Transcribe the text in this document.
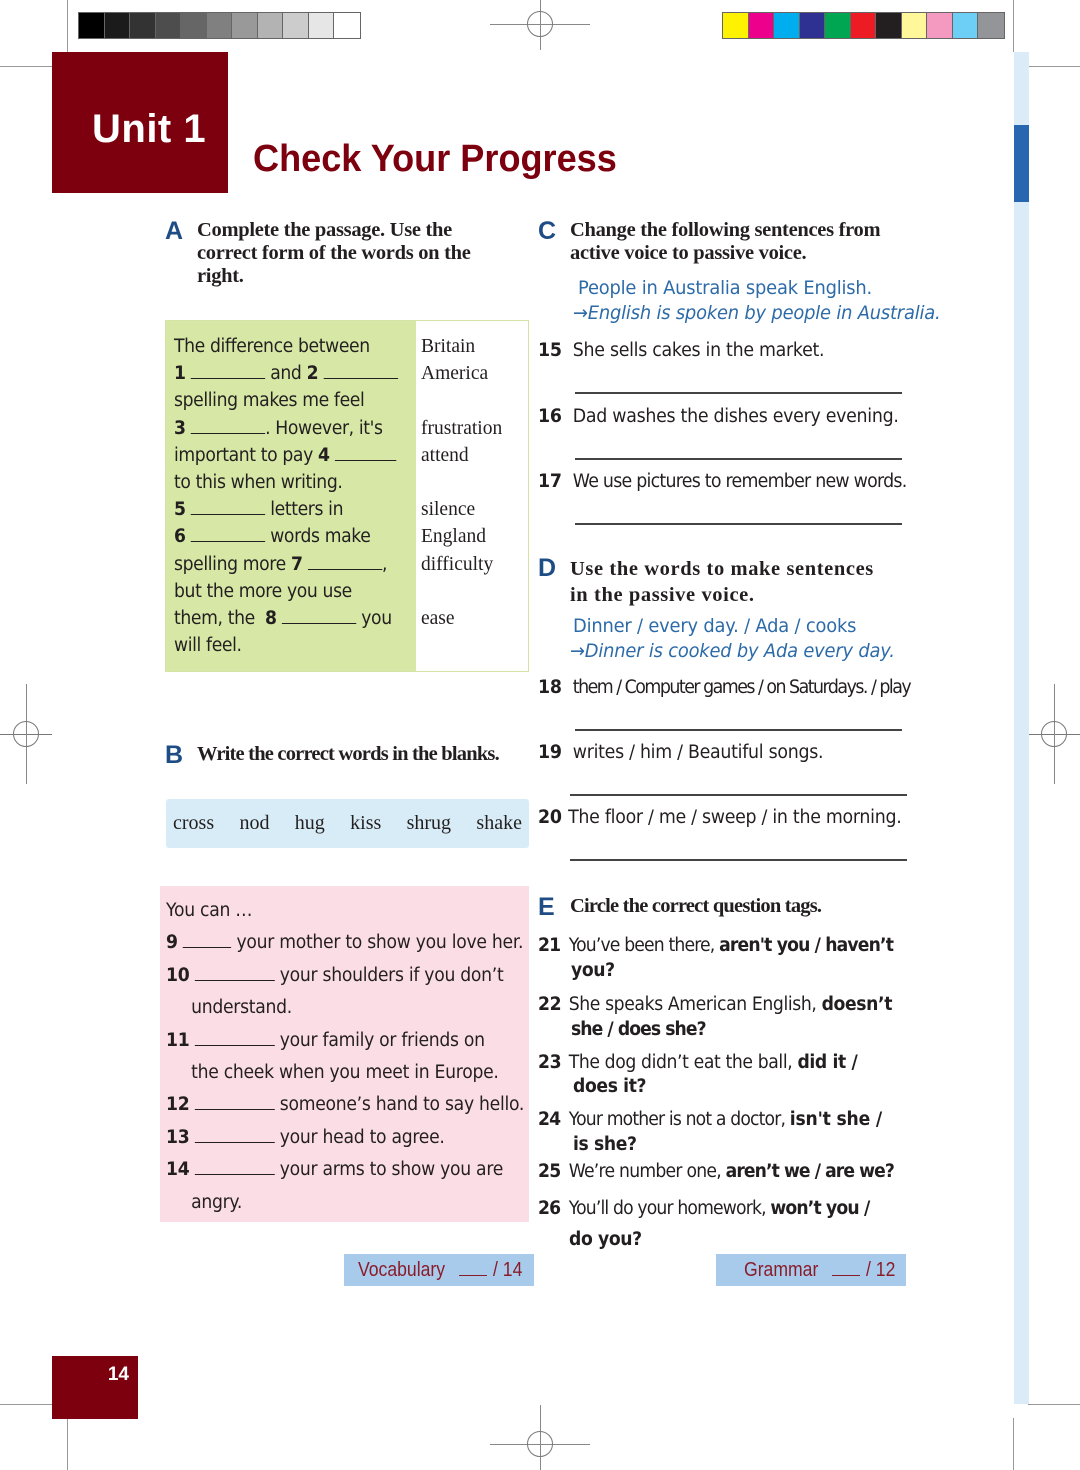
Unit 1
Check Your Progress
A Complete the passage. Use the
correct form of the words on the
right.
The difference between
1	and 2
spelling makes me feel
3	. However, it's
important to pay 4
to this when writing.
5	letters in
6	words make
spelling more 7	,
but the more you use
them, the 8	you
will feel.
Britain
America
frustration
attend
silence
England
difficulty
ease
B Write the correct words in the blanks.
cross nod hug kiss shrug shake
You can …
9	your mother to show you love her.
10	your shoulders if you don’t
understand.
11	your family or friends on
the cheek when you meet in Europe.
12	someone’s hand to say hello.
13	your head to agree.
14	your arms to show you are
angry.
C Change the following sentences from
active voice to passive voice.
People in Australia speak English.
→English is spoken by people in Australia.
15 She sells cakes in the market.
16 Dad washes the dishes every evening.
17 We use pictures to remember new words.
D Use the words to make sentences
in the passive voice.
Dinner / every day. / Ada / cooks
→Dinner is cooked by Ada every day.
18 them / Computer games / on Saturdays. / play
19 writes / him / Beautiful songs.
20 The floor / me / sweep / in the morning.
E Circle the correct question tags.
21 You’ve been there, aren't you / haven’t
you?
22 She speaks American English, doesn’t
she / does she?
23 The dog didn’t eat the ball, did it /
does it?
24 Your mother is not a doctor, isn't she /
is she?
25 We’re number one, aren’t we / are we?
26 You’ll do your homework, won’t you /
do you?
Vocabulary / 14	Grammar / 12
14
